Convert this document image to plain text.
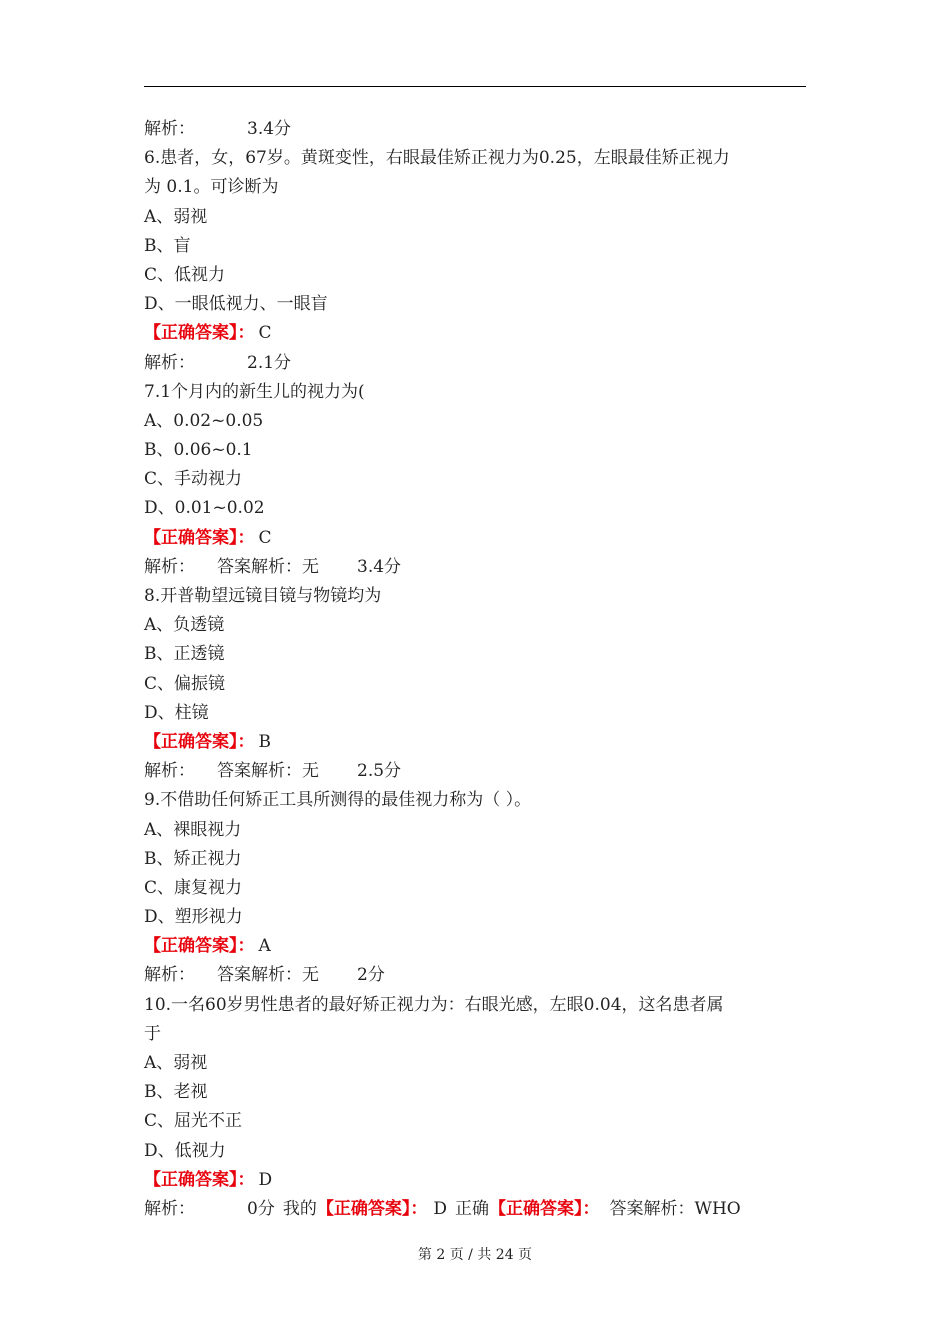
解析：	3.4分
6.患者，女，67岁。黄斑变性，右眼最佳矫正视力为0.25，左眼最佳矫正视力
为 0.1。可诊断为
A、弱视
B、盲
C、低视力
D、一眼低视力、一眼盲
【正确答案】： C
解析：	2.1分
7.1个月内的新生儿的视力为(
A、0.02~0.05
B、0.06~0.1
C、手动视力
D、0.01~0.02
【正确答案】： C
解析： 答案解析：无 3.4分
8.开普勒望远镜目镜与物镜均为
A、负透镜
B、正透镜
C、偏振镜
D、柱镜
【正确答案】： B
解析： 答案解析：无 2.5分
9.不借助任何矫正工具所测得的最佳视力称为（ ）。
A、裸眼视力
B、矫正视力
C、康复视力
D、塑形视力
【正确答案】： A
解析： 答案解析：无 2分
10.一名60岁男性患者的最好矫正视力为：右眼光感，左眼0.04，这名患者属
于
A、弱视
B、老视
C、屈光不正
D、低视力
【正确答案】： D
解析：	0分 我的【正确答案】： D 正确【正确答案】： 答案解析：WHO
第 2 页 / 共 24 页
